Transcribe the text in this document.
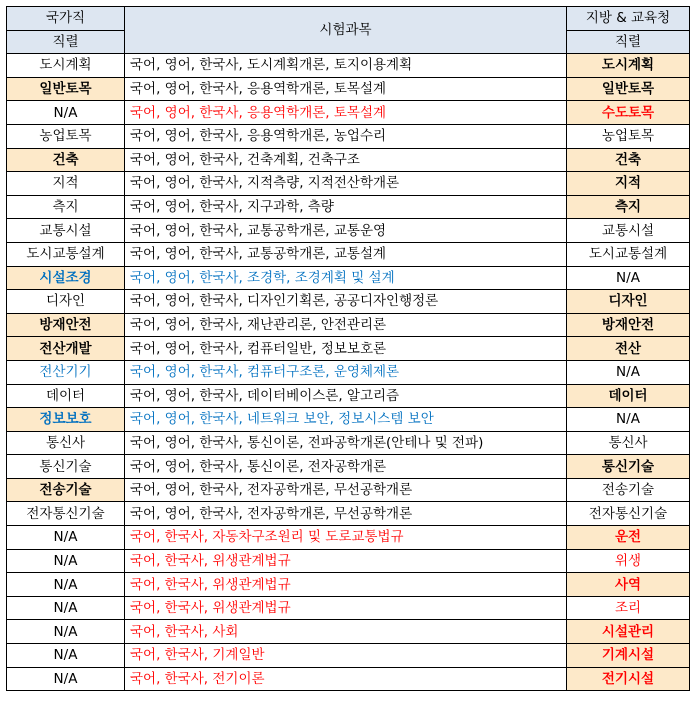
국가직	시험과목	지방 & 교육청
직렬		직렬
도시계획	국어, 영어, 한국사, 도시계획개론, 토지이용계획	도시계획
일반토목	국어, 영어, 한국사, 응용역학개론, 토목설계	일반토목
N/A	국어, 영어, 한국사, 응용역학개론, 토목설계	수도토목
농업토목	국어, 영어, 한국사, 응용역학개론, 농업수리	농업토목
건축	국어, 영어, 한국사, 건축계획, 건축구조	건축
지적	국어, 영어, 한국사, 지적측량, 지적전산학개론	지적
측지	국어, 영어, 한국사, 지구과학, 측량	측지
교통시설	국어, 영어, 한국사, 교통공학개론, 교통운영	교통시설
도시교통설계	국어, 영어, 한국사, 교통공학개론, 교통설계	도시교통설계
시설조경	국어, 영어, 한국사, 조경학, 조경계획 및 설계	N/A
디자인	국어, 영어, 한국사, 디자인기획론, 공공디자인행정론	디자인
방재안전	국어, 영어, 한국사, 재난관리론, 안전관리론	방재안전
전산개발	국어, 영어, 한국사, 컴퓨터일반, 정보보호론	전산
전산기기	국어, 영어, 한국사, 컴퓨터구조론, 운영체제론	N/A
데이터	국어, 영어, 한국사, 데이터베이스론, 알고리즘	데이터
정보보호	국어, 영어, 한국사, 네트워크 보안, 정보시스템 보안	N/A
통신사	국어, 영어, 한국사, 통신이론, 전파공학개론(안테나 및 전파)	통신사
통신기술	국어, 영어, 한국사, 통신이론, 전자공학개론	통신기술
전송기술	국어, 영어, 한국사, 전자공학개론, 무선공학개론	전송기술
전자통신기술	국어, 영어, 한국사, 전자공학개론, 무선공학개론	전자통신기술
N/A	국어, 한국사, 자동차구조원리 및 도로교통법규	운전
N/A	국어, 한국사, 위생관계법규	위생
N/A	국어, 한국사, 위생관계법규	사역
N/A	국어, 한국사, 위생관계법규	조리
N/A	국어, 한국사, 사회	시설관리
N/A	국어, 한국사, 기계일반	기계시설
N/A	국어, 한국사, 전기이론	전기시설
